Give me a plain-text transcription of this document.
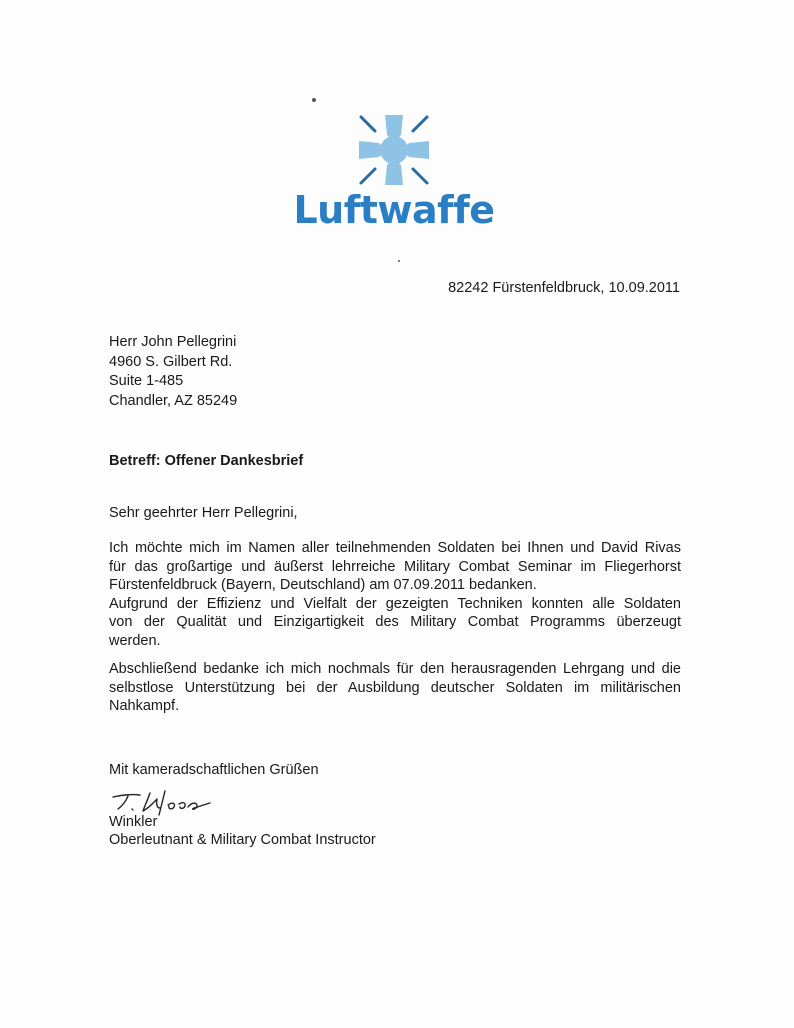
Luftwaffe
82242 Fürstenfeldbruck, 10.09.2011
Herr John Pellegrini
4960 S. Gilbert Rd.
Suite 1-485
Chandler, AZ 85249
Betreff: Offener Dankesbrief
Sehr geehrter Herr Pellegrini,
Ich möchte mich im Namen aller teilnehmenden Soldaten bei Ihnen und David Rivas
für das großartige und äußerst lehrreiche Military Combat Seminar im Fliegerhorst
Fürstenfeldbruck (Bayern, Deutschland) am 07.09.2011 bedanken.
Aufgrund der Effizienz und Vielfalt der gezeigten Techniken konnten alle Soldaten
von der Qualität und Einzigartigkeit des Military Combat Programms überzeugt
werden.
Abschließend bedanke ich mich nochmals für den herausragenden Lehrgang und die
selbstlose Unterstützung bei der Ausbildung deutscher Soldaten im militärischen
Nahkampf.
Mit kameradschaftlichen Grüßen
Winkler
Oberleutnant & Military Combat Instructor
